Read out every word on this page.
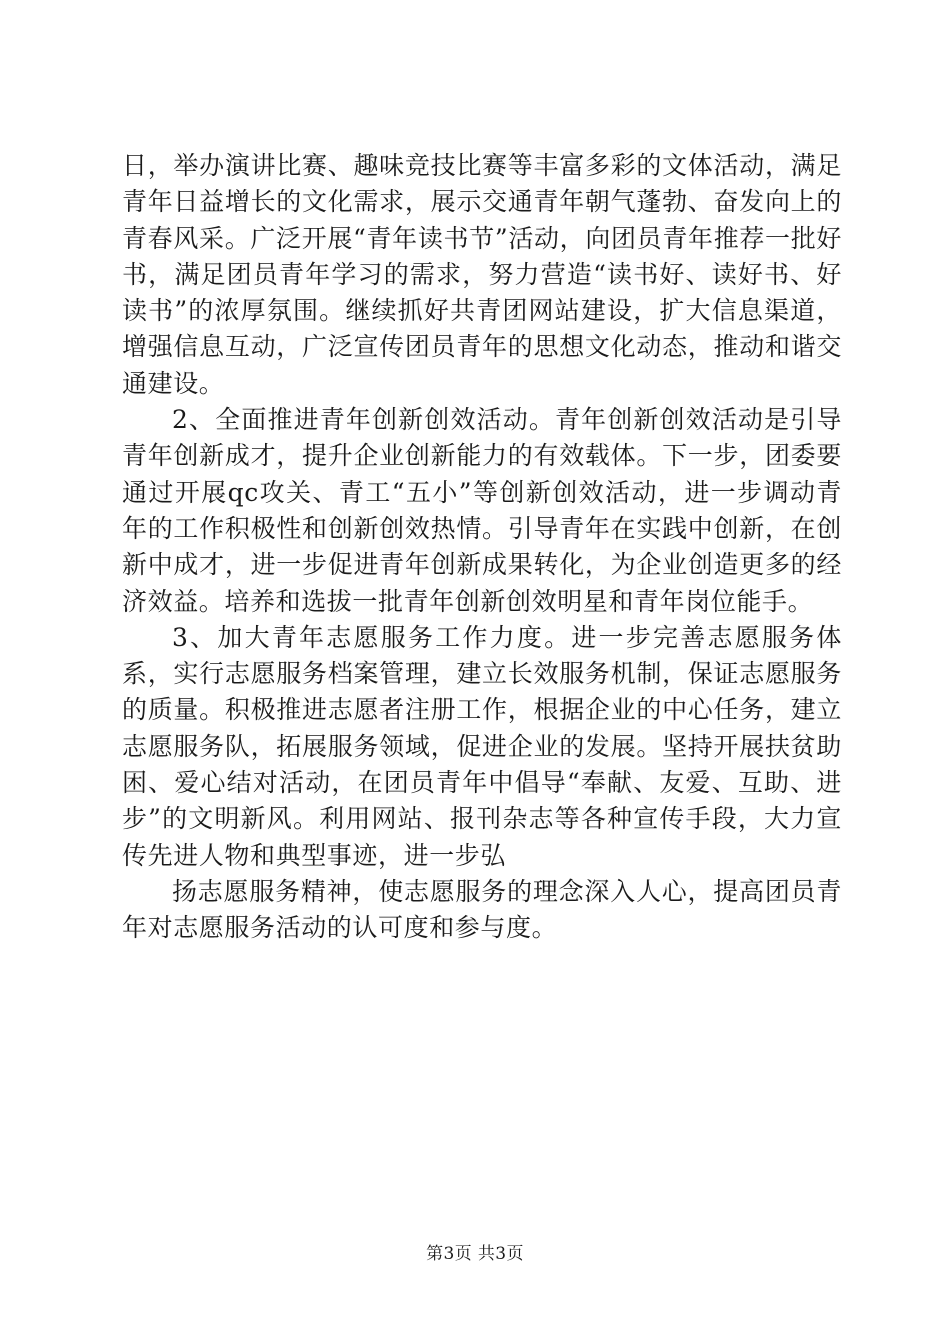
日，举办演讲比赛、趣味竞技比赛等丰富多彩的文体活动，满足青年日益增长的文化需求，展示交通青年朝气蓬勃、奋发向上的青春风采。广泛开展“青年读书节”活动，向团员青年推荐一批好书，满足团员青年学习的需求，努力营造“读书好、读好书、好读书”的浓厚氛围。继续抓好共青团网站建设，扩大信息渠道，增强信息互动，广泛宣传团员青年的思想文化动态，推动和谐交通建设。

2、全面推进青年创新创效活动。青年创新创效活动是引导青年创新成才，提升企业创新能力的有效载体。下一步，团委要通过开展qc攻关、青工“五小”等创新创效活动，进一步调动青年的工作积极性和创新创效热情。引导青年在实践中创新，在创新中成才，进一步促进青年创新成果转化，为企业创造更多的经济效益。培养和选拔一批青年创新创效明星和青年岗位能手。

3、加大青年志愿服务工作力度。进一步完善志愿服务体系，实行志愿服务档案管理，建立长效服务机制，保证志愿服务的质量。积极推进志愿者注册工作，根据企业的中心任务，建立志愿服务队，拓展服务领域，促进企业的发展。坚持开展扶贫助困、爱心结对活动，在团员青年中倡导“奉献、友爱、互助、进步”的文明新风。利用网站、报刊杂志等各种宣传手段，大力宣传先进人物和典型事迹，进一步弘

扬志愿服务精神，使志愿服务的理念深入人心，提高团员青年对志愿服务活动的认可度和参与度。

第3页 共3页
